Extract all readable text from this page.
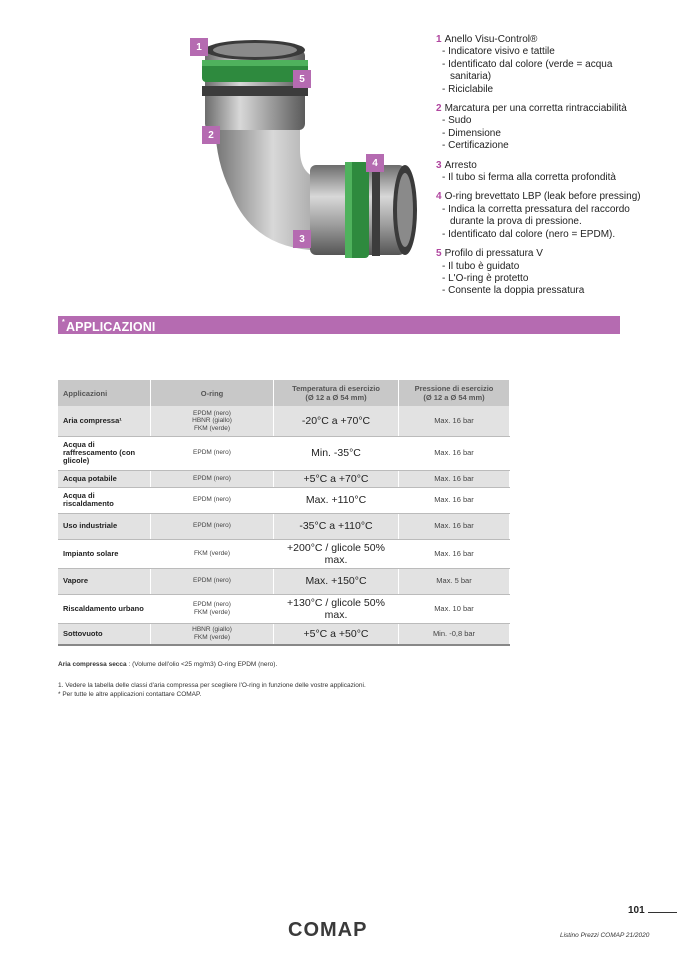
1
2
3
4
5
1 Anello Visu-Control®
- Indicatore visivo e tattile
- Identificato dal colore (verde = acqua
sanitaria)
- Riciclabile
2 Marcatura per una corretta rintracciabilità
- Sudo
- Dimensione
- Certificazione
3 Arresto
- Il tubo si ferma alla corretta profondità
4 O-ring brevettato LBP (leak before pressing)
- Indica la corretta pressatura del raccordo
durante la prova di pressione.
- Identificato dal colore (nero = EPDM).
5 Profilo di pressatura V
- Il tubo è guidato
- L'O-ring è protetto
- Consente la doppia pressatura
APPLICAZIONI
*
Applicazioni	O-ring	Temperatura di esercizio
(Ø 12 a Ø 54 mm)	Pressione di esercizio
(Ø 12 a Ø 54 mm)
Aria compressa¹	EPDM (nero)
HBNR (giallo)
FKM (verde)	-20°C a +70°C	Max. 16 bar
Acqua di raffrescamento (con glicole)	EPDM (nero)	Min. -35°C	Max. 16 bar
Acqua potabile	EPDM (nero)	+5°C a +70°C	Max. 16 bar
Acqua di riscaldamento	EPDM (nero)	Max. +110°C	Max. 16 bar
Uso industriale	EPDM (nero)	-35°C a +110°C	Max. 16 bar
Impianto solare	FKM (verde)	+200°C / glicole 50% max.	Max. 16 bar
Vapore	EPDM (nero)	Max. +150°C	Max. 5 bar
Riscaldamento urbano	EPDM (nero)
FKM (verde)	+130°C / glicole 50% max.	Max. 10 bar
Sottovuoto	HBNR (giallo)
FKM (verde)	+5°C a +50°C	Min. -0,8 bar
Aria compressa secca : (Volume dell'olio <25 mg/m3) O-ring EPDM (nero).
1. Vedere la tabella delle classi d'aria compressa per scegliere l'O-ring in funzione delle vostre applicazioni.
* Per tutte le altre applicazioni contattare COMAP.
101
COMAP	Listino Prezzi COMAP 21/2020
